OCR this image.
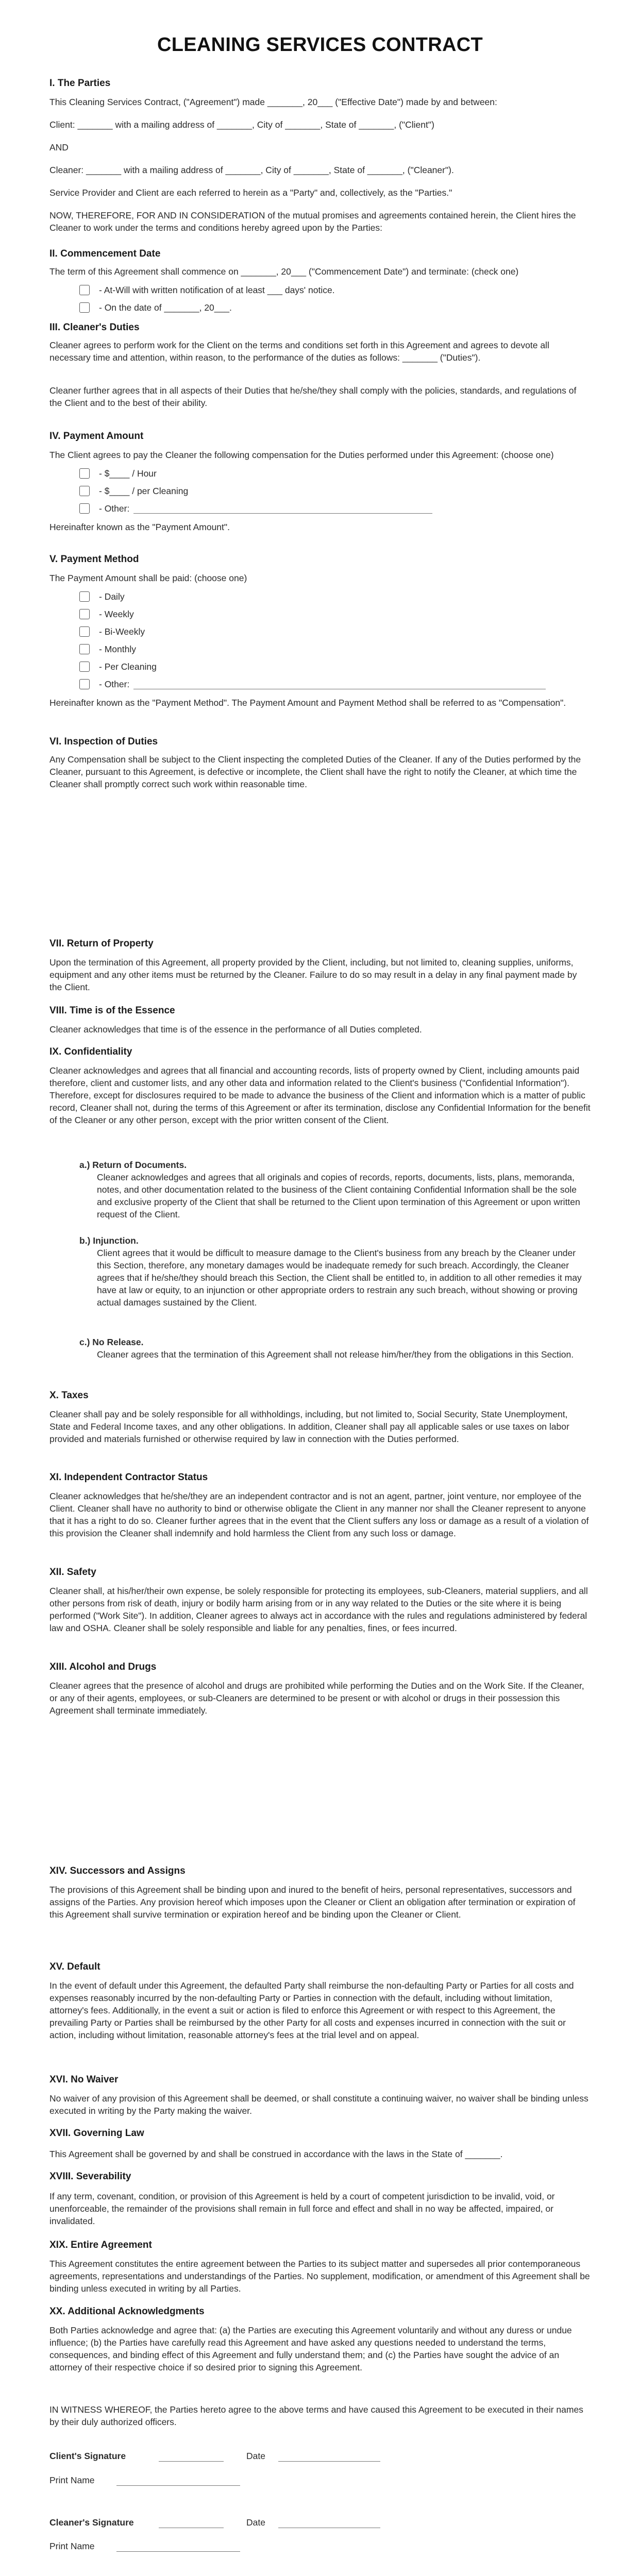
CLEANING SERVICES CONTRACT

I. The Parties

This Cleaning Services Contract, ("Agreement") made _______, 20___ ("Effective Date") made by and between:

Client: _______ with a mailing address of _______, City of _______, State of _______, ("Client")

AND

Cleaner: _______ with a mailing address of _______, City of _______, State of _______, ("Cleaner").

Service Provider and Client are each referred to herein as a "Party" and, collectively, as the "Parties."

NOW, THEREFORE, FOR AND IN CONSIDERATION of the mutual promises and agreements contained herein, the Client hires the Cleaner to work under the terms and conditions hereby agreed upon by the Parties:

II. Commencement Date

The term of this Agreement shall commence on _______, 20___ ("Commencement Date") and terminate: (check one)

- At-Will with written notification of at least ___ days' notice.
- On the date of _______, 20___.

III. Cleaner's Duties

Cleaner agrees to perform work for the Client on the terms and conditions set forth in this Agreement and agrees to devote all necessary time and attention, within reason, to the performance of the duties as follows: _______ ("Duties").

Cleaner further agrees that in all aspects of their Duties that he/she/they shall comply with the policies, standards, and regulations of the Client and to the best of their ability.

IV. Payment Amount

The Client agrees to pay the Cleaner the following compensation for the Duties performed under this Agreement: (choose one)

- $____ / Hour
- $____ / per Cleaning
- Other:

Hereinafter known as the "Payment Amount".

V. Payment Method

The Payment Amount shall be paid: (choose one)

- Daily
- Weekly
- Bi-Weekly
- Monthly
- Per Cleaning
- Other:

Hereinafter known as the "Payment Method". The Payment Amount and Payment Method shall be referred to as "Compensation".

VI. Inspection of Duties

Any Compensation shall be subject to the Client inspecting the completed Duties of the Cleaner. If any of the Duties performed by the Cleaner, pursuant to this Agreement, is defective or incomplete, the Client shall have the right to notify the Cleaner, at which time the Cleaner shall promptly correct such work within reasonable time.

VII. Return of Property

Upon the termination of this Agreement, all property provided by the Client, including, but not limited to, cleaning supplies, uniforms, equipment and any other items must be returned by the Cleaner. Failure to do so may result in a delay in any final payment made by the Client.

VIII. Time is of the Essence

Cleaner acknowledges that time is of the essence in the performance of all Duties completed.

IX. Confidentiality

Cleaner acknowledges and agrees that all financial and accounting records, lists of property owned by Client, including amounts paid therefore, client and customer lists, and any other data and information related to the Client's business ("Confidential Information"). Therefore, except for disclosures required to be made to advance the business of the Client and information which is a matter of public record, Cleaner shall not, during the terms of this Agreement or after its termination, disclose any Confidential Information for the benefit of the Cleaner or any other person, except with the prior written consent of the Client.

a.) Return of Documents.

Cleaner acknowledges and agrees that all originals and copies of records, reports, documents, lists, plans, memoranda, notes, and other documentation related to the business of the Client containing Confidential Information shall be the sole and exclusive property of the Client that shall be returned to the Client upon termination of this Agreement or upon written request of the Client.

b.) Injunction.

Client agrees that it would be difficult to measure damage to the Client's business from any breach by the Cleaner under this Section, therefore, any monetary damages would be inadequate remedy for such breach. Accordingly, the Cleaner agrees that if he/she/they should breach this Section, the Client shall be entitled to, in addition to all other remedies it may have at law or equity, to an injunction or other appropriate orders to restrain any such breach, without showing or proving actual damages sustained by the Client.

c.) No Release.

Cleaner agrees that the termination of this Agreement shall not release him/her/they from the obligations in this Section.

X. Taxes

Cleaner shall pay and be solely responsible for all withholdings, including, but not limited to, Social Security, State Unemployment, State and Federal Income taxes, and any other obligations. In addition, Cleaner shall pay all applicable sales or use taxes on labor provided and materials furnished or otherwise required by law in connection with the Duties performed.

XI. Independent Contractor Status

Cleaner acknowledges that he/she/they are an independent contractor and is not an agent, partner, joint venture, nor employee of the Client. Cleaner shall have no authority to bind or otherwise obligate the Client in any manner nor shall the Cleaner represent to anyone that it has a right to do so. Cleaner further agrees that in the event that the Client suffers any loss or damage as a result of a violation of this provision the Cleaner shall indemnify and hold harmless the Client from any such loss or damage.

XII. Safety

Cleaner shall, at his/her/their own expense, be solely responsible for protecting its employees, sub-Cleaners, material suppliers, and all other persons from risk of death, injury or bodily harm arising from or in any way related to the Duties or the site where it is being performed ("Work Site"). In addition, Cleaner agrees to always act in accordance with the rules and regulations administered by federal law and OSHA. Cleaner shall be solely responsible and liable for any penalties, fines, or fees incurred.

XIII. Alcohol and Drugs

Cleaner agrees that the presence of alcohol and drugs are prohibited while performing the Duties and on the Work Site. If the Cleaner, or any of their agents, employees, or sub-Cleaners are determined to be present or with alcohol or drugs in their possession this Agreement shall terminate immediately.

XIV. Successors and Assigns

The provisions of this Agreement shall be binding upon and inured to the benefit of heirs, personal representatives, successors and assigns of the Parties. Any provision hereof which imposes upon the Cleaner or Client an obligation after termination or expiration of this Agreement shall survive termination or expiration hereof and be binding upon the Cleaner or Client.

XV. Default

In the event of default under this Agreement, the defaulted Party shall reimburse the non-defaulting Party or Parties for all costs and expenses reasonably incurred by the non-defaulting Party or Parties in connection with the default, including without limitation, attorney's fees. Additionally, in the event a suit or action is filed to enforce this Agreement or with respect to this Agreement, the prevailing Party or Parties shall be reimbursed by the other Party for all costs and expenses incurred in connection with the suit or action, including without limitation, reasonable attorney's fees at the trial level and on appeal.

XVI. No Waiver

No waiver of any provision of this Agreement shall be deemed, or shall constitute a continuing waiver, no waiver shall be binding unless executed in writing by the Party making the waiver.

XVII. Governing Law

This Agreement shall be governed by and shall be construed in accordance with the laws in the State of _______.

XVIII. Severability

If any term, covenant, condition, or provision of this Agreement is held by a court of competent jurisdiction to be invalid, void, or unenforceable, the remainder of the provisions shall remain in full force and effect and shall in no way be affected, impaired, or invalidated.

XIX. Entire Agreement

This Agreement constitutes the entire agreement between the Parties to its subject matter and supersedes all prior contemporaneous agreements, representations and understandings of the Parties. No supplement, modification, or amendment of this Agreement shall be binding unless executed in writing by all Parties.

XX. Additional Acknowledgments

Both Parties acknowledge and agree that: (a) the Parties are executing this Agreement voluntarily and without any duress or undue influence; (b) the Parties have carefully read this Agreement and have asked any questions needed to understand the terms, consequences, and binding effect of this Agreement and fully understand them; and (c) the Parties have sought the advice of an attorney of their respective choice if so desired prior to signing this Agreement.

IN WITNESS WHEREOF, the Parties hereto agree to the above terms and have caused this Agreement to be executed in their names by their duly authorized officers.

Client's Signature	Date
Print Name
Cleaner's Signature	Date
Print Name
